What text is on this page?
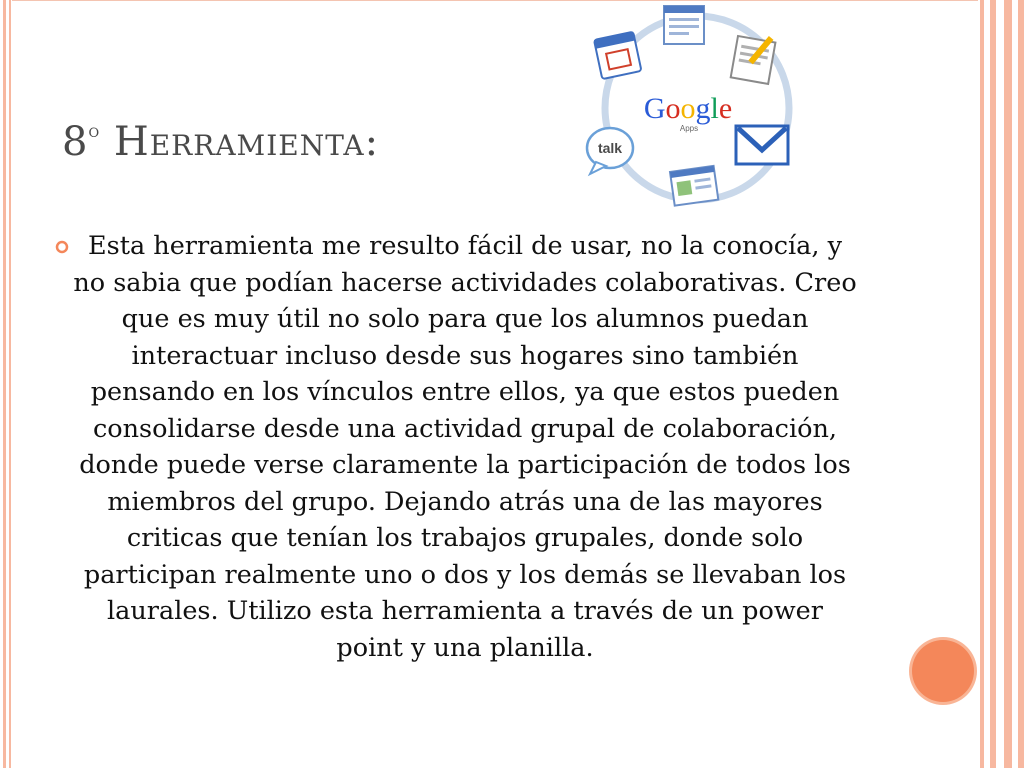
8$^o$ Herramienta:

Esta herramienta me resulto fácil de usar, no la conocía, y no sabia que podían hacerse actividades colaborativas. Creo que es muy útil no solo para que los alumnos puedan interactuar incluso desde sus hogares sino también pensando en los vínculos entre ellos, ya que estos pueden consolidarse desde una actividad grupal de colaboración, donde puede verse claramente la participación de todos los miembros del grupo. Dejando atrás una de las mayores criticas que tenían los trabajos grupales, donde solo participan realmente uno o dos y los demás se llevaban los laurales. Utilizo esta herramienta a través de un power point y una planilla.

Google
Apps
talk
